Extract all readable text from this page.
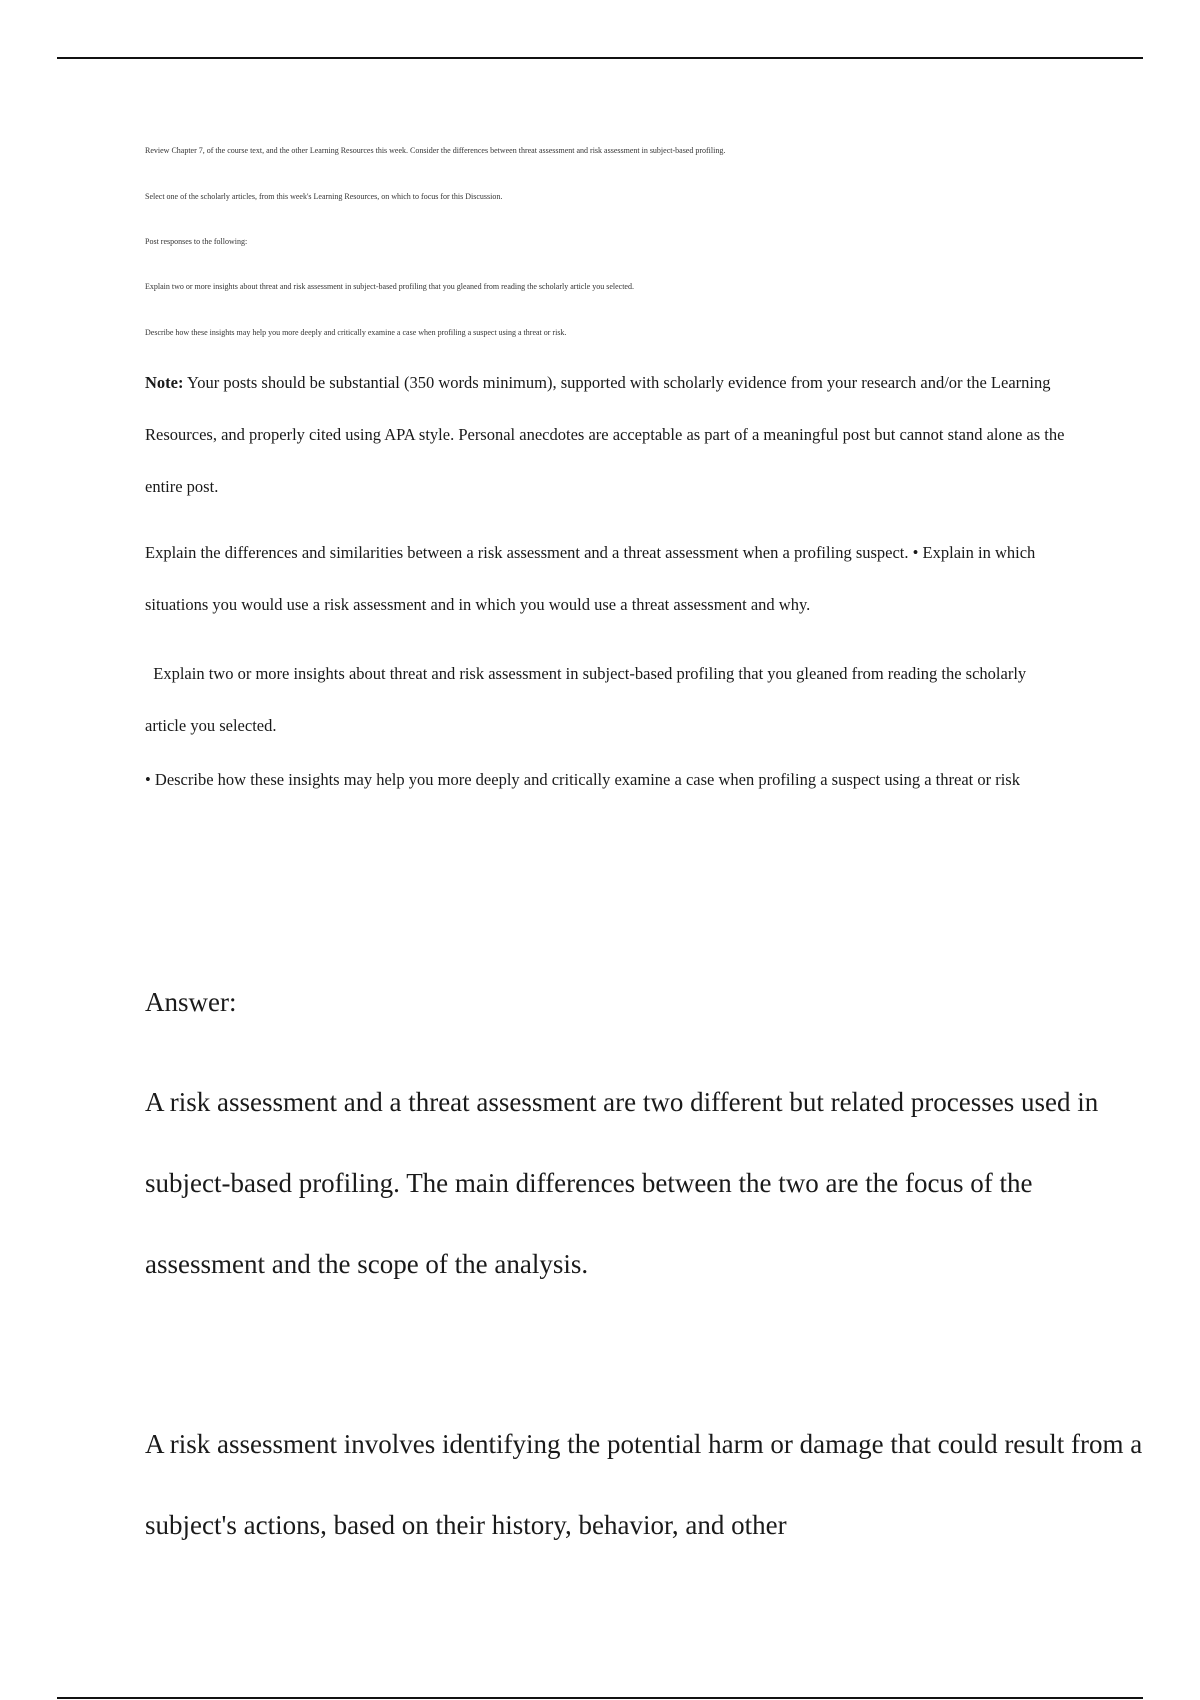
Review Chapter 7, of the course text, and the other Learning Resources this week. Consider the differences between threat assessment and risk assessment in subject-based profiling.
Select one of the scholarly articles, from this week's Learning Resources, on which to focus for this Discussion.
Post responses to the following:
Explain two or more insights about threat and risk assessment in subject-based profiling that you gleaned from reading the scholarly article you selected.
Describe how these insights may help you more deeply and critically examine a case when profiling a suspect using a threat or risk.

Note: Your posts should be substantial (350 words minimum), supported with scholarly evidence from your research and/or the Learning Resources, and properly cited using APA style. Personal anecdotes are acceptable as part of a meaningful post but cannot stand alone as the entire post.

Explain the differences and similarities between a risk assessment and a threat assessment when a profiling suspect. • Explain in which situations you would use a risk assessment and in which you would use a threat assessment and why.

Explain two or more insights about threat and risk assessment in subject-based profiling that you gleaned from reading the scholarly article you selected.

• Describe how these insights may help you more deeply and critically examine a case when profiling a suspect using a threat or risk

Answer:

A risk assessment and a threat assessment are two different but related processes used in subject-based profiling. The main differences between the two are the focus of the assessment and the scope of the analysis.

A risk assessment involves identifying the potential harm or damage that could result from a subject's actions, based on their history, behavior, and other
